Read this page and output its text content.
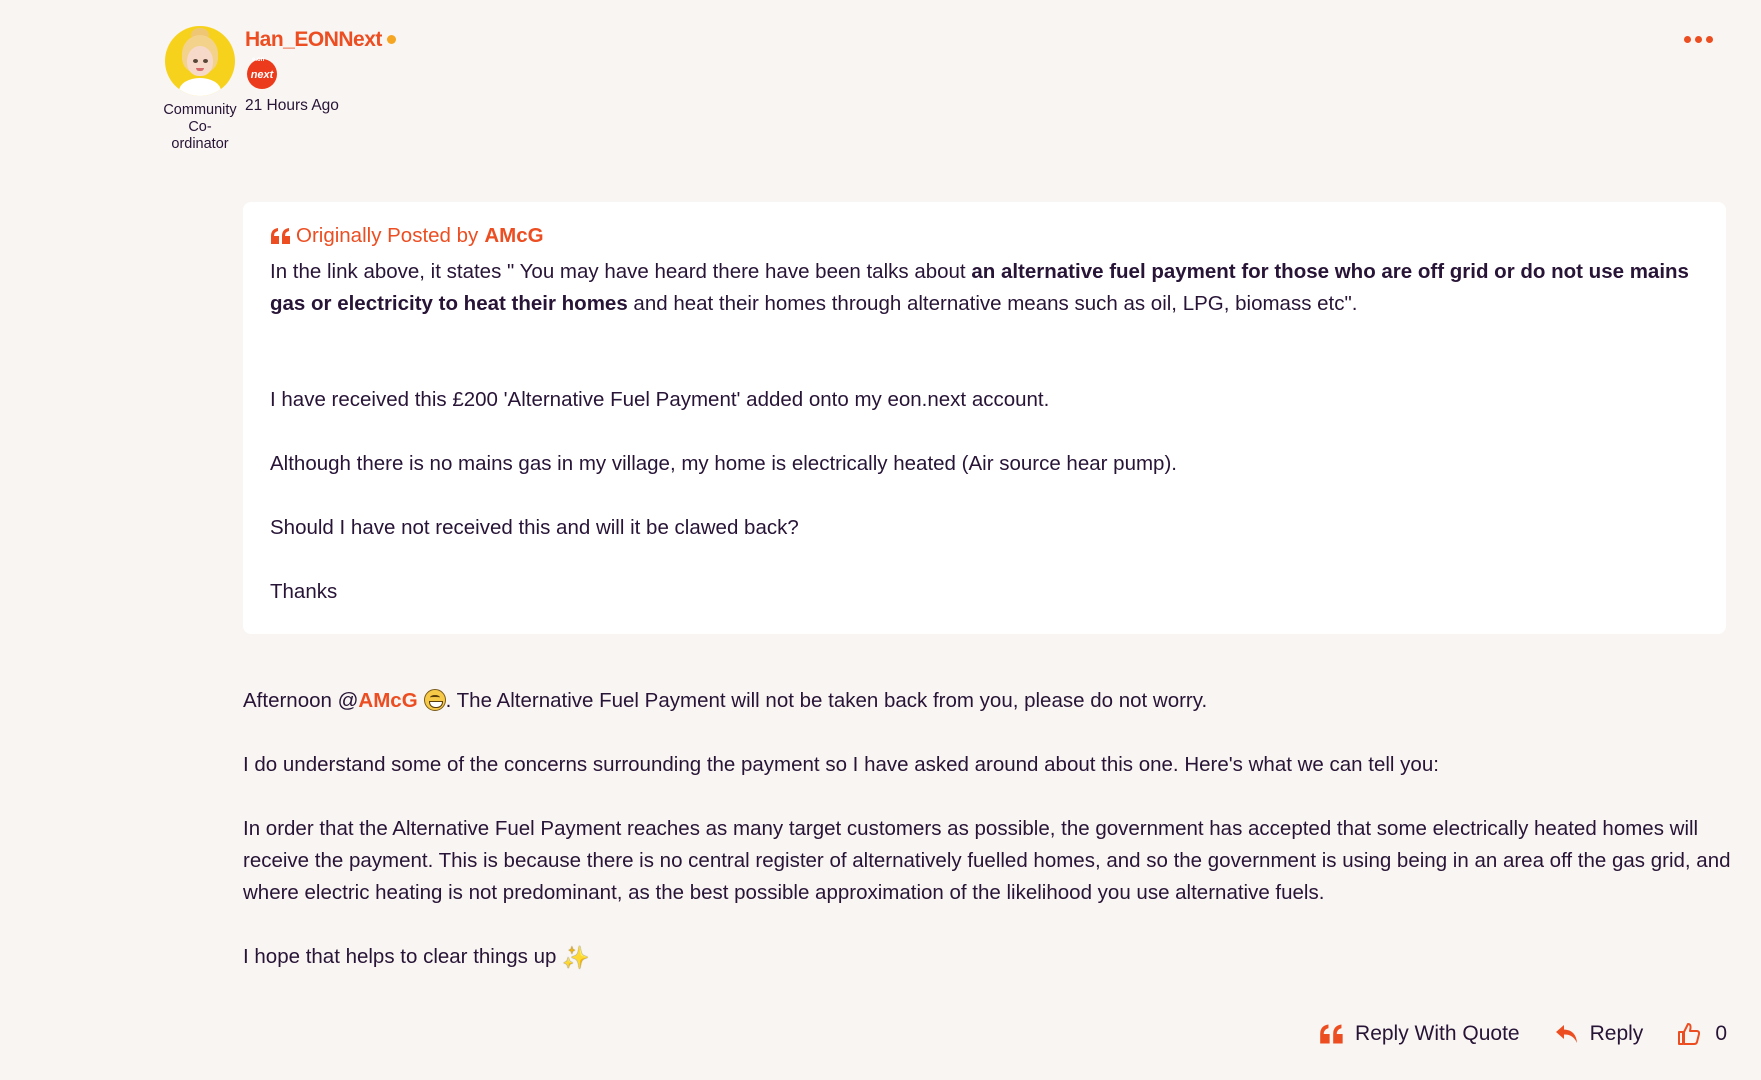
Community Co-ordinator
Han_EONNext
e.on
next
21 Hours Ago
Originally Posted by AMcG

In the link above, it states " You may have heard there have been talks about an alternative fuel payment for those who are off grid or do not use mains gas or electricity to heat their homes and heat their homes through alternative means such as oil, LPG, biomass etc".

I have received this £200 'Alternative Fuel Payment' added onto my eon.next account.

Although there is no mains gas in my village, my home is electrically heated (Air source hear pump).

Should I have not received this and will it be clawed back?

Thanks

Afternoon @AMcG . The Alternative Fuel Payment will not be taken back from you, please do not worry.

I do understand some of the concerns surrounding the payment so I have asked around about this one. Here's what we can tell you:

In order that the Alternative Fuel Payment reaches as many target customers as possible, the government has accepted that some electrically heated homes will receive the payment. This is because there is no central register of alternatively fuelled homes, and so the government is using being in an area off the gas grid, and where electric heating is not predominant, as the best possible approximation of the likelihood you use alternative fuels.

I hope that helps to clear things up ✨

Reply With Quote	Reply	0
